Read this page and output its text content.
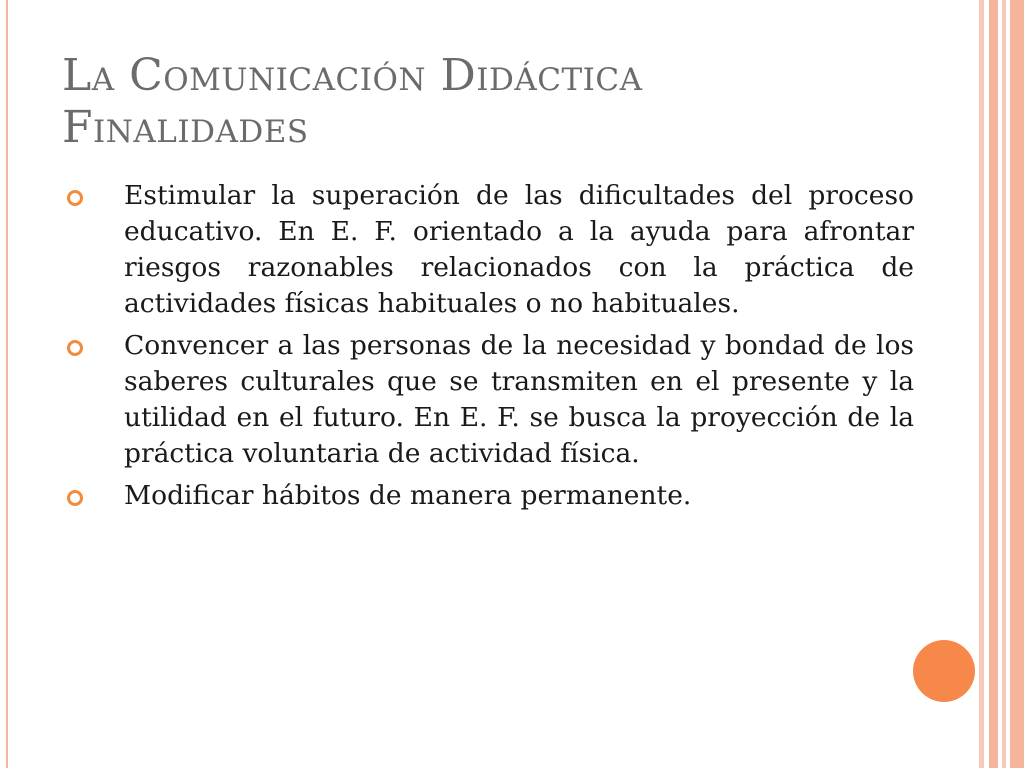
La Comunicación Didáctica
Finalidades
Estimular la superación de las dificultades del proceso educativo. En E. F. orientado a la ayuda para afrontar riesgos razonables relacionados con la práctica de actividades físicas habituales o no habituales.
Convencer a las personas de la necesidad y bondad de los saberes culturales que se transmiten en el presente y la utilidad en el futuro. En E. F. se busca la proyección de la práctica voluntaria de actividad física.
Modificar hábitos de manera permanente.
